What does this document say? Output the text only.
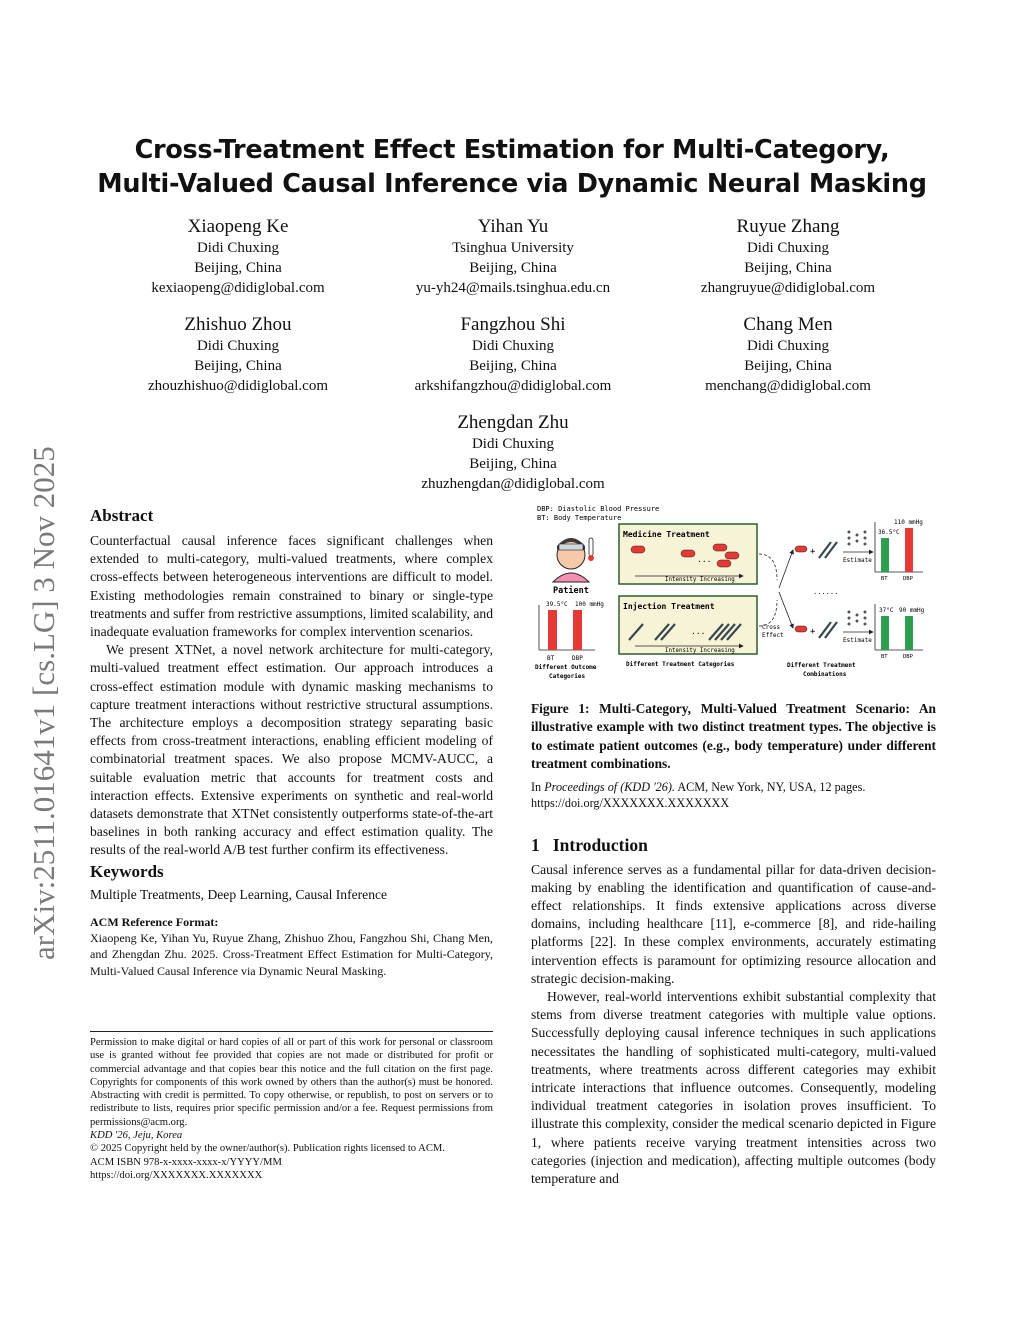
arXiv:2511.01641v1 [cs.LG] 3 Nov 2025
Cross-Treatment Effect Estimation for Multi-Category,
Multi-Valued Causal Inference via Dynamic Neural Masking
Xiaopeng Ke
Didi Chuxing
Beijing, China
kexiaopeng@didiglobal.com
Yihan Yu
Tsinghua University
Beijing, China
yu-yh24@mails.tsinghua.edu.cn
Ruyue Zhang
Didi Chuxing
Beijing, China
zhangruyue@didiglobal.com
Zhishuo Zhou
Didi Chuxing
Beijing, China
zhouzhishuo@didiglobal.com
Fangzhou Shi
Didi Chuxing
Beijing, China
arkshifangzhou@didiglobal.com
Chang Men
Didi Chuxing
Beijing, China
menchang@didiglobal.com
Zhengdan Zhu
Didi Chuxing
Beijing, China
zhuzhengdan@didiglobal.com
Abstract

Counterfactual causal inference faces significant challenges when extended to multi-category, multi-valued treatments, where complex cross-effects between heterogeneous interventions are difficult to model. Existing methodologies remain constrained to binary or single-type treatments and suffer from restrictive assumptions, limited scalability, and inadequate evaluation frameworks for complex intervention scenarios.

We present XTNet, a novel network architecture for multi-category, multi-valued treatment effect estimation. Our approach introduces a cross-effect estimation module with dynamic masking mechanisms to capture treatment interactions without restrictive structural assumptions. The architecture employs a decomposition strategy separating basic effects from cross-treatment interactions, enabling efficient modeling of combinatorial treatment spaces. We also propose MCMV-AUCC, a suitable evaluation metric that accounts for treatment costs and interaction effects. Extensive experiments on synthetic and real-world datasets demonstrate that XTNet consistently outperforms state-of-the-art baselines in both ranking accuracy and effect estimation quality. The results of the real-world A/B test further confirm its effectiveness.

Keywords

Multiple Treatments, Deep Learning, Causal Inference

ACM Reference Format:
Xiaopeng Ke, Yihan Yu, Ruyue Zhang, Zhishuo Zhou, Fangzhou Shi, Chang Men, and Zhengdan Zhu. 2025. Cross-Treatment Effect Estimation for Multi-Category, Multi-Valued Causal Inference via Dynamic Neural Masking.
Permission to make digital or hard copies of all or part of this work for personal or classroom use is granted without fee provided that copies are not made or distributed for profit or commercial advantage and that copies bear this notice and the full citation on the first page. Copyrights for components of this work owned by others than the author(s) must be honored. Abstracting with credit is permitted. To copy otherwise, or republish, to post on servers or to redistribute to lists, requires prior specific permission and/or a fee. Request permissions from permissions@acm.org.
KDD '26, Jeju, Korea
© 2025 Copyright held by the owner/author(s). Publication rights licensed to ACM.
ACM ISBN 978-x-xxxx-xxxx-x/YYYY/MM
https://doi.org/XXXXXXX.XXXXXXX
DBP: Diastolic Blood Pressure
BT: Body Temperature
Patient
39.5°C 100 mmHg
BT	DBP
Different Outcome
Categories
Medicine Treatment
...
Intensity Increasing
Injection Treatment
...
Intensity Increasing
Different Treatment Categories
Cross
Effect
......
+
Estimate
36.5°C
110 mmHg
BT	DBP
+
Estimate
37°C 90 mmHg
BT	DBP
Different Treatment
Combinations
Figure 1: Multi-Category, Multi-Valued Treatment Scenario: An illustrative example with two distinct treatment types. The objective is to estimate patient outcomes (e.g., body temperature) under different treatment combinations.
In Proceedings of (KDD '26). ACM, New York, NY, USA, 12 pages. https://doi.org/XXXXXXX.XXXXXXX
1 Introduction

Causal inference serves as a fundamental pillar for data-driven decision-making by enabling the identification and quantification of cause-and-effect relationships. It finds extensive applications across diverse domains, including healthcare [11], e-commerce [8], and ride-hailing platforms [22]. In these complex environments, accurately estimating intervention effects is paramount for optimizing resource allocation and strategic decision-making.

However, real-world interventions exhibit substantial complexity that stems from diverse treatment categories with multiple value options. Successfully deploying causal inference techniques in such applications necessitates the handling of sophisticated multi-category, multi-valued treatments, where treatments across different categories may exhibit intricate interactions that influence outcomes. Consequently, modeling individual treatment categories in isolation proves insufficient. To illustrate this complexity, consider the medical scenario depicted in Figure 1, where patients receive varying treatment intensities across two categories (injection and medication), affecting multiple outcomes (body temperature and
